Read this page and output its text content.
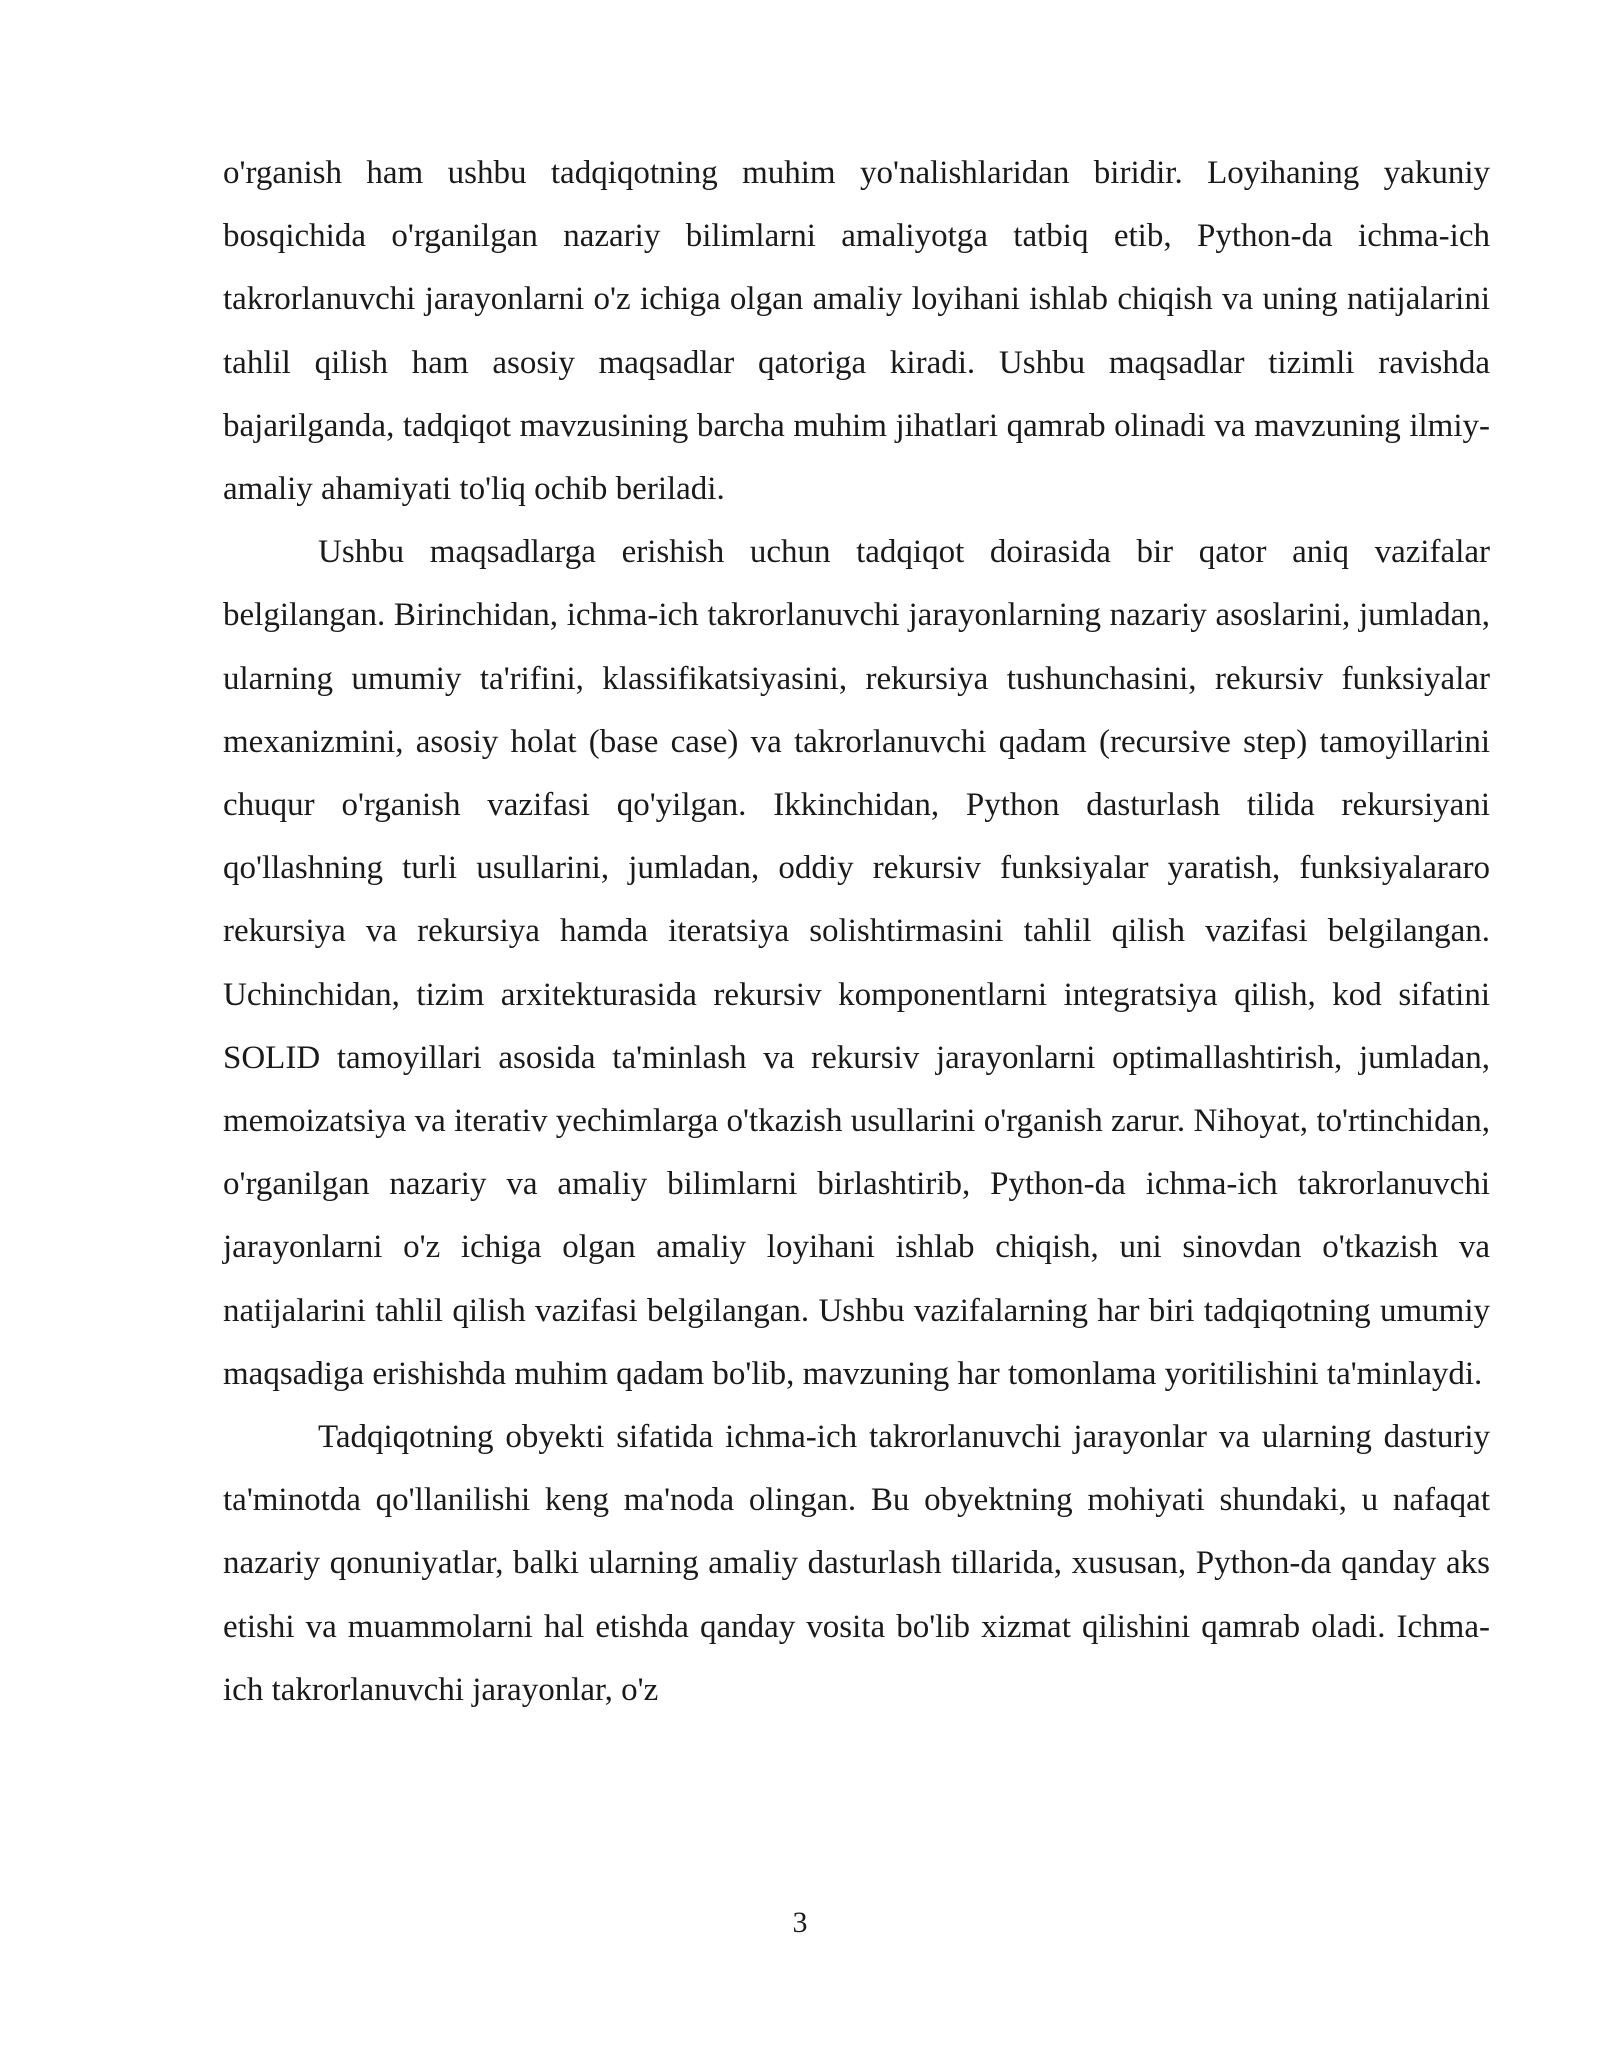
o'rganish ham ushbu tadqiqotning muhim yo'nalishlaridan biridir. Loyihaning yakuniy bosqichida o'rganilgan nazariy bilimlarni amaliyotga tatbiq etib, Python-da ichma-ich takrorlanuvchi jarayonlarni o'z ichiga olgan amaliy loyihani ishlab chiqish va uning natijalarini tahlil qilish ham asosiy maqsadlar qatoriga kiradi. Ushbu maqsadlar tizimli ravishda bajarilganda, tadqiqot mavzusining barcha muhim jihatlari qamrab olinadi va mavzuning ilmiy-amaliy ahamiyati to'liq ochib beriladi.

Ushbu maqsadlarga erishish uchun tadqiqot doirasida bir qator aniq vazifalar belgilangan. Birinchidan, ichma-ich takrorlanuvchi jarayonlarning nazariy asoslarini, jumladan, ularning umumiy ta'rifini, klassifikatsiyasini, rekursiya tushunchasini, rekursiv funksiyalar mexanizmini, asosiy holat (base case) va takrorlanuvchi qadam (recursive step) tamoyillarini chuqur o'rganish vazifasi qo'yilgan. Ikkinchidan, Python dasturlash tilida rekursiyani qo'llashning turli usullarini, jumladan, oddiy rekursiv funksiyalar yaratish, funksiyalararo rekursiya va rekursiya hamda iteratsiya solishtirmasini tahlil qilish vazifasi belgilangan. Uchinchidan, tizim arxitekturasida rekursiv komponentlarni integratsiya qilish, kod sifatini SOLID tamoyillari asosida ta'minlash va rekursiv jarayonlarni optimallashtirish, jumladan, memoizatsiya va iterativ yechimlarga o'tkazish usullarini o'rganish zarur. Nihoyat, to'rtinchidan, o'rganilgan nazariy va amaliy bilimlarni birlashtirib, Python-da ichma-ich takrorlanuvchi jarayonlarni o'z ichiga olgan amaliy loyihani ishlab chiqish, uni sinovdan o'tkazish va natijalarini tahlil qilish vazifasi belgilangan. Ushbu vazifalarning har biri tadqiqotning umumiy maqsadiga erishishda muhim qadam bo'lib, mavzuning har tomonlama yoritilishini ta'minlaydi.

Tadqiqotning obyekti sifatida ichma-ich takrorlanuvchi jarayonlar va ularning dasturiy ta'minotda qo'llanilishi keng ma'noda olingan. Bu obyektning mohiyati shundaki, u nafaqat nazariy qonuniyatlar, balki ularning amaliy dasturlash tillarida, xususan, Python-da qanday aks etishi va muammolarni hal etishda qanday vosita bo'lib xizmat qilishini qamrab oladi. Ichma-ich takrorlanuvchi jarayonlar, o'z

3
